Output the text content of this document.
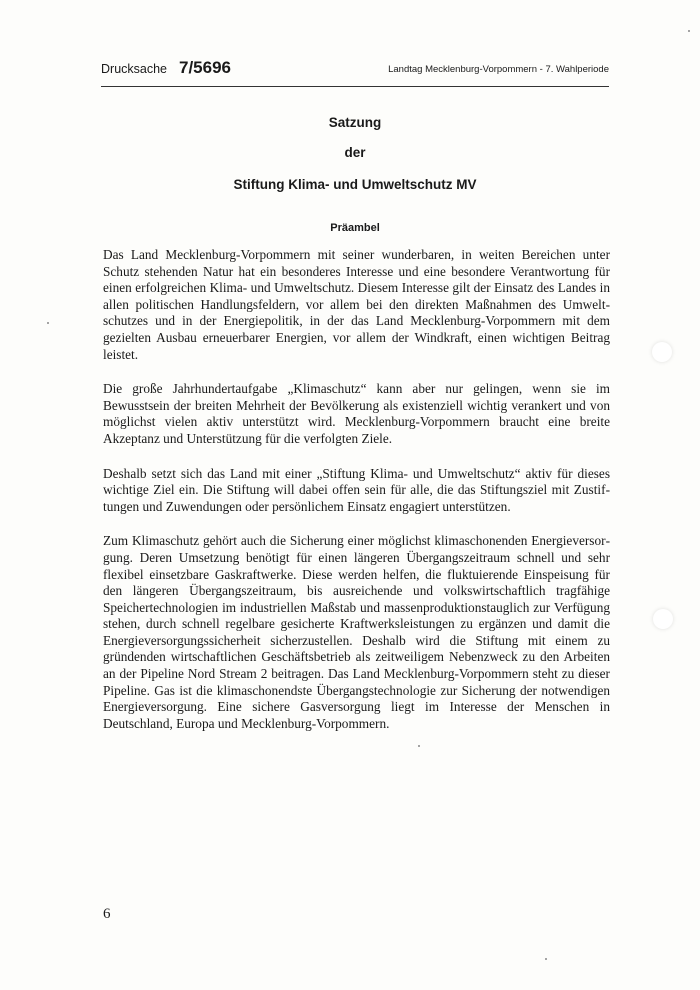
Drucksache 7/5696	Landtag Mecklenburg-Vorpommern - 7. Wahlperiode
Satzung
der
Stiftung Klima- und Umweltschutz MV
Präambel

Das Land Mecklenburg-Vorpommern mit seiner wunderbaren, in weiten Bereichen unter Schutz stehenden Natur hat ein besonderes Interesse und eine besondere Verantwortung für einen erfolgreichen Klima- und Umweltschutz. Diesem Interesse gilt der Einsatz des Landes in allen politischen Handlungsfeldern, vor allem bei den direkten Maßnahmen des Umweltschutzes und in der Energiepolitik, in der das Land Mecklenburg-Vorpommern mit dem gezielten Ausbau erneuerbarer Energien, vor allem der Windkraft, einen wichtigen Beitrag leistet.

Die große Jahrhundertaufgabe „Klimaschutz“ kann aber nur gelingen, wenn sie im Bewusstsein der breiten Mehrheit der Bevölkerung als existenziell wichtig verankert und von möglichst vielen aktiv unterstützt wird. Mecklenburg-Vorpommern braucht eine breite Akzeptanz und Unterstützung für die verfolgten Ziele.

Deshalb setzt sich das Land mit einer „Stiftung Klima- und Umweltschutz“ aktiv für dieses wichtige Ziel ein. Die Stiftung will dabei offen sein für alle, die das Stiftungsziel mit Zustiftungen und Zuwendungen oder persönlichem Einsatz engagiert unterstützen.

Zum Klimaschutz gehört auch die Sicherung einer möglichst klimaschonenden Energieversorgung. Deren Umsetzung benötigt für einen längeren Übergangszeitraum schnell und sehr flexibel einsetzbare Gaskraftwerke. Diese werden helfen, die fluktuierende Einspeisung für den längeren Übergangszeitraum, bis ausreichende und volkswirtschaftlich tragfähige Speichertechnologien im industriellen Maßstab und massenproduktionstauglich zur Verfügung stehen, durch schnell regelbare gesicherte Kraftwerksleistungen zu ergänzen und damit die Energieversorgungssicherheit sicherzustellen. Deshalb wird die Stiftung mit einem zu gründenden wirtschaftlichen Geschäftsbetrieb als zeitweiligem Nebenzweck zu den Arbeiten an der Pipeline Nord Stream 2 beitragen. Das Land Mecklenburg-Vorpommern steht zu dieser Pipeline. Gas ist die klimaschonendste Übergangstechnologie zur Sicherung der notwendigen Energieversorgung. Eine sichere Gasversorgung liegt im Interesse der Menschen in Deutschland, Europa und Mecklenburg-Vorpommern.

6
